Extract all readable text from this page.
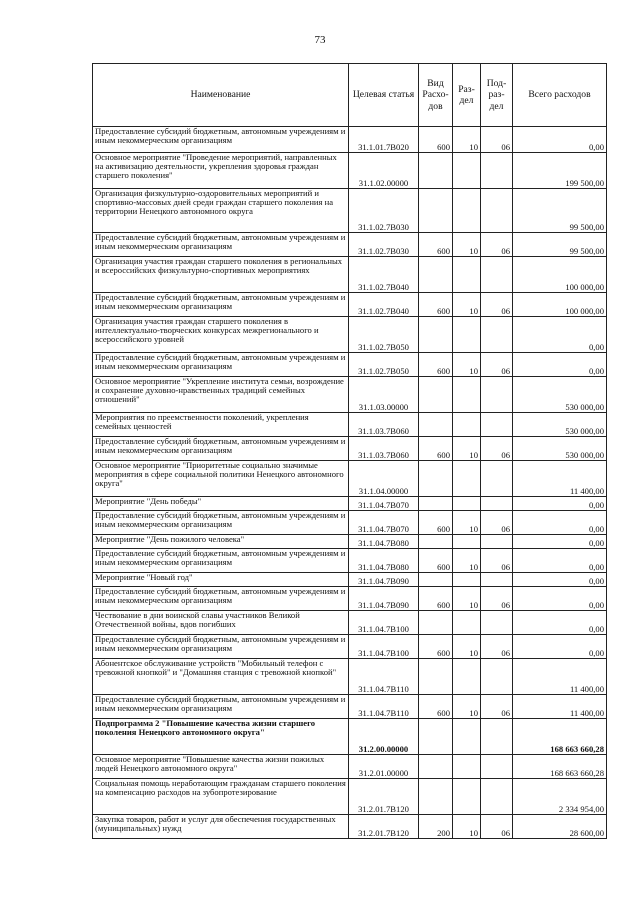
73
Наименование	Целевая статья	Вид Расхо-дов	Раз-дел	Под-раз-дел	Всего расходов
Предоставление субсидий бюджетным, автономным учреждениям и иным некоммерческим организациям	31.1.01.7В020	600	10	06	0,00
Основное мероприятие "Проведение мероприятий, направленных на активизацию деятельности, укрепления здоровья граждан старшего поколения"	31.1.02.00000				199 500,00
Организация физкультурно-оздоровительных мероприятий и спортивно-массовых дней среди граждан старшего поколения на территории Ненецкого автономного округа	31.1.02.7В030				99 500,00
Предоставление субсидий бюджетным, автономным учреждениям и иным некоммерческим организациям	31.1.02.7В030	600	10	06	99 500,00
Организация участия граждан старшего поколения в региональных и всероссийских физкультурно-спортивных мероприятиях	31.1.02.7В040				100 000,00
Предоставление субсидий бюджетным, автономным учреждениям и иным некоммерческим организациям	31.1.02.7В040	600	10	06	100 000,00
Организация участия граждан старшего поколения в интеллектуально-творческих конкурсах межрегионального и всероссийского уровней	31.1.02.7В050				0,00
Предоставление субсидий бюджетным, автономным учреждениям и иным некоммерческим организациям	31.1.02.7В050	600	10	06	0,00
Основное мероприятие "Укрепление института семьи, возрождение и сохранение духовно-нравственных традиций семейных отношений"	31.1.03.00000				530 000,00
Мероприятия по преемственности поколений, укрепления семейных ценностей	31.1.03.7В060				530 000,00
Предоставление субсидий бюджетным, автономным учреждениям и иным некоммерческим организациям	31.1.03.7В060	600	10	06	530 000,00
Основное мероприятие "Приоритетные социально значимые мероприятия в сфере социальной политики Ненецкого автономного округа"	31.1.04.00000				11 400,00
Мероприятие "День победы"	31.1.04.7В070				0,00
Предоставление субсидий бюджетным, автономным учреждениям и иным некоммерческим организациям	31.1.04.7В070	600	10	06	0,00
Мероприятие "День пожилого человека"	31.1.04.7В080				0,00
Предоставление субсидий бюджетным, автономным учреждениям и иным некоммерческим организациям	31.1.04.7В080	600	10	06	0,00
Мероприятие "Новый год"	31.1.04.7В090				0,00
Предоставление субсидий бюджетным, автономным учреждениям и иным некоммерческим организациям	31.1.04.7В090	600	10	06	0,00
Чествование в дни воинской славы участников Великой Отечественной войны, вдов погибших	31.1.04.7В100				0,00
Предоставление субсидий бюджетным, автономным учреждениям и иным некоммерческим организациям	31.1.04.7В100	600	10	06	0,00
Абонентское обслуживание устройств "Мобильный телефон с тревожной кнопкой" и "Домашняя станция с тревожной кнопкой"	31.1.04.7В110				11 400,00
Предоставление субсидий бюджетным, автономным учреждениям и иным некоммерческим организациям	31.1.04.7В110	600	10	06	11 400,00
Подпрограмма 2 "Повышение качества жизни старшего поколения Ненецкого автономного округа"	31.2.00.00000				168 663 660,28
Основное мероприятие "Повышение качества жизни пожилых людей Ненецкого автономного округа"	31.2.01.00000				168 663 660,28
Социальная помощь неработающим гражданам старшего поколения на компенсацию расходов на зубопротезирование	31.2.01.7В120				2 334 954,00
Закупка товаров, работ и услуг для обеспечения государственных (муниципальных) нужд	31.2.01.7В120	200	10	06	28 600,00
